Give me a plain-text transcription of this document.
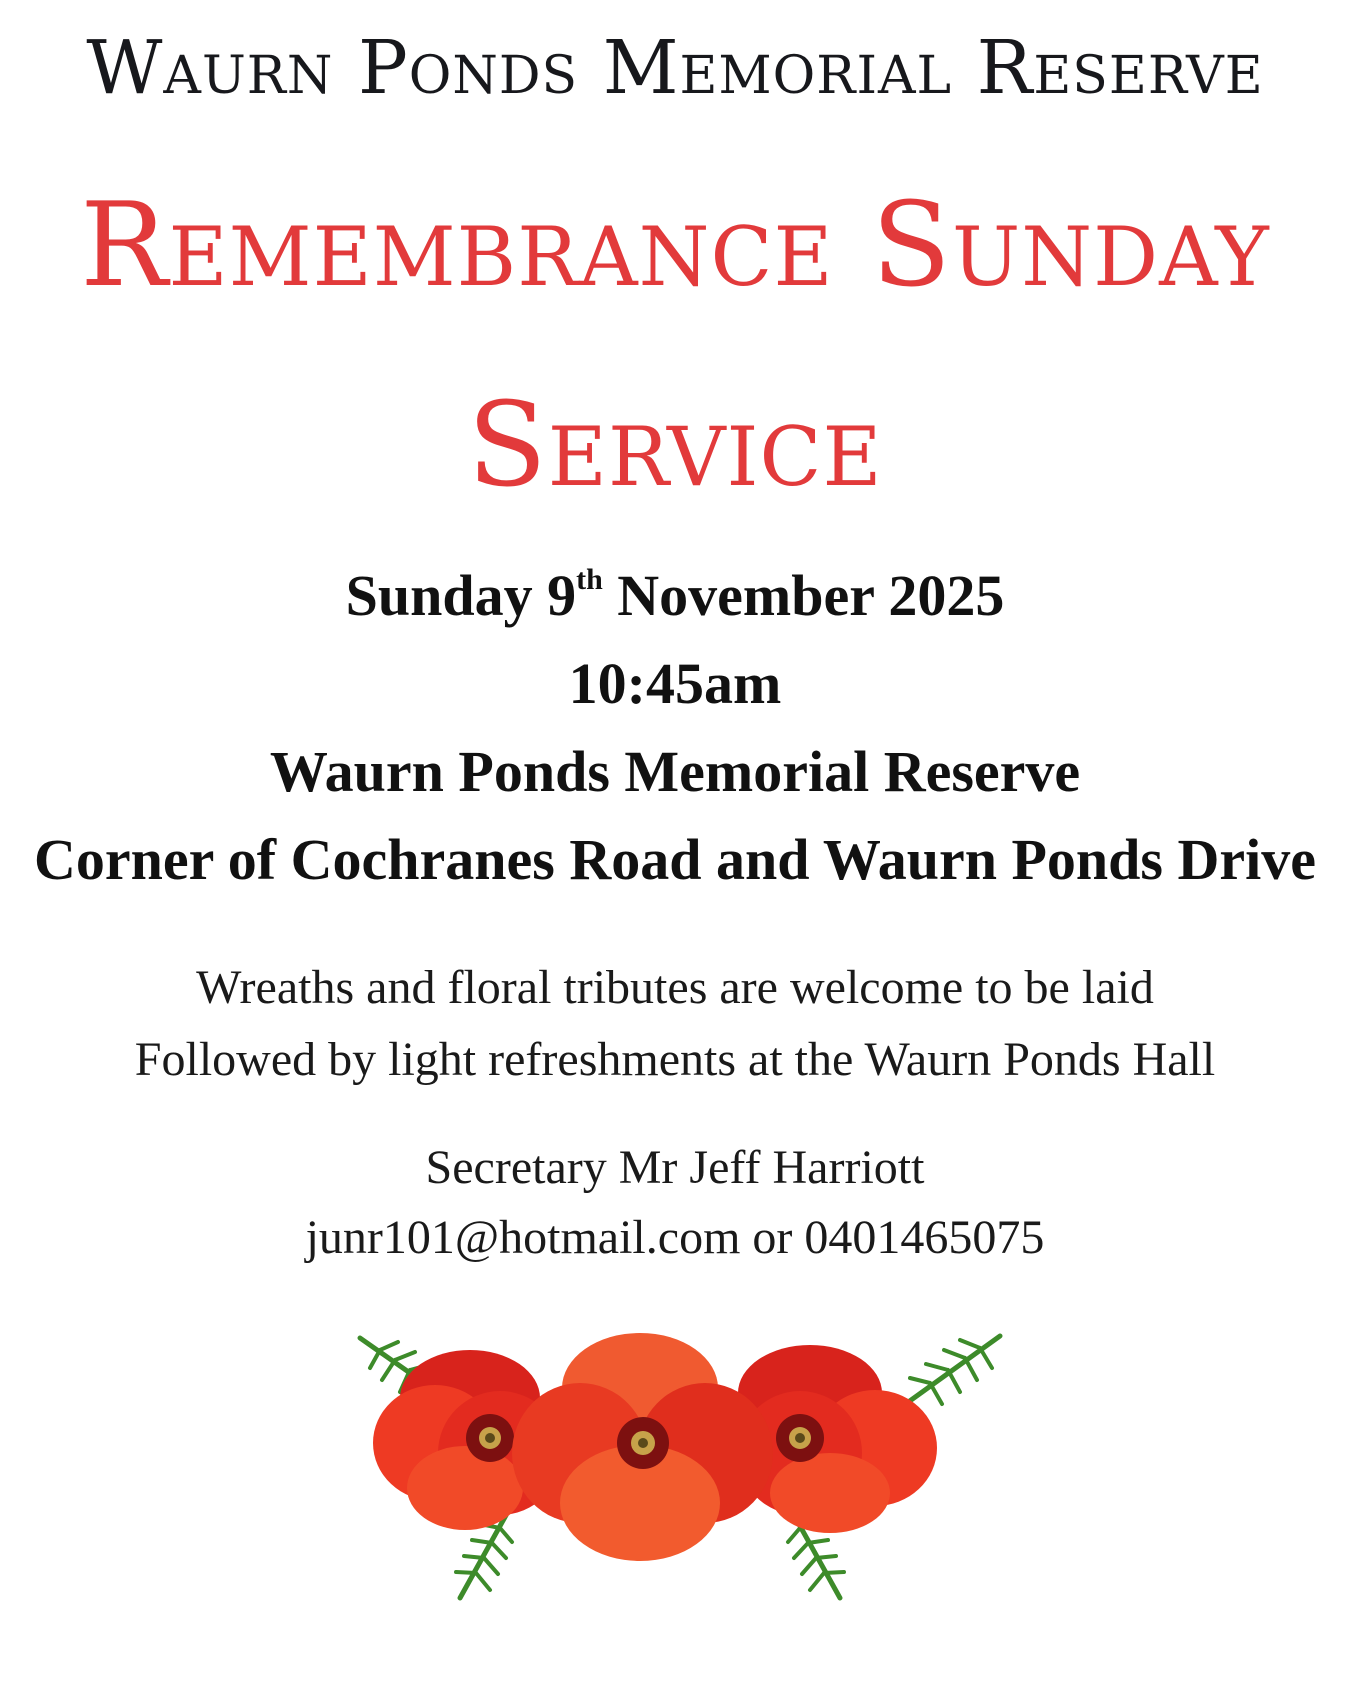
Waurn Ponds Memorial Reserve
Remembrance Sunday
Service
Sunday 9th November 2025
10:45am
Waurn Ponds Memorial Reserve
Corner of Cochranes Road and Waurn Ponds Drive
Wreaths and floral tributes are welcome to be laid
Followed by light refreshments at the Waurn Ponds Hall
Secretary Mr Jeff Harriott
junr101@hotmail.com or 0401465075
